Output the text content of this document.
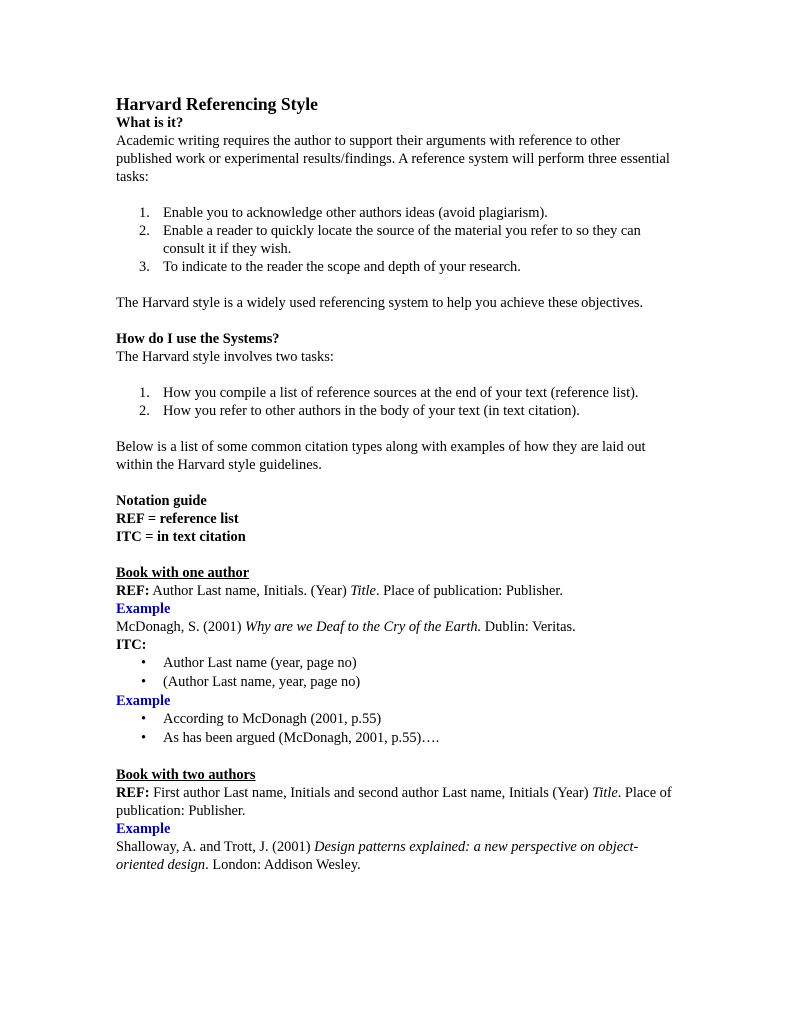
Harvard Referencing Style

What is it?

Academic writing requires the author to support their arguments with reference to other published work or experimental results/findings. A reference system will perform three essential tasks:

1. Enable you to acknowledge other authors ideas (avoid plagiarism).
2. Enable a reader to quickly locate the source of the material you refer to so they can consult it if they wish.
3. To indicate to the reader the scope and depth of your research.

The Harvard style is a widely used referencing system to help you achieve these objectives.

How do I use the Systems?

The Harvard style involves two tasks:

1. How you compile a list of reference sources at the end of your text (reference list).
2. How you refer to other authors in the body of your text (in text citation).

Below is a list of some common citation types along with examples of how they are laid out within the Harvard style guidelines.

Notation guide

REF = reference list

ITC = in text citation

Book with one author

REF: Author Last name, Initials. (Year) Title. Place of publication: Publisher.

Example

McDonagh, S. (2001) Why are we Deaf to the Cry of the Earth. Dublin: Veritas.

ITC:

• Author Last name (year, page no)
• (Author Last name, year, page no)

Example

• According to McDonagh (2001, p.55)
• As has been argued (McDonagh, 2001, p.55)….

Book with two authors

REF: First author Last name, Initials and second author Last name, Initials (Year) Title. Place of publication: Publisher.

Example

Shalloway, A. and Trott, J. (2001) Design patterns explained: a new perspective on object-oriented design. London: Addison Wesley.
